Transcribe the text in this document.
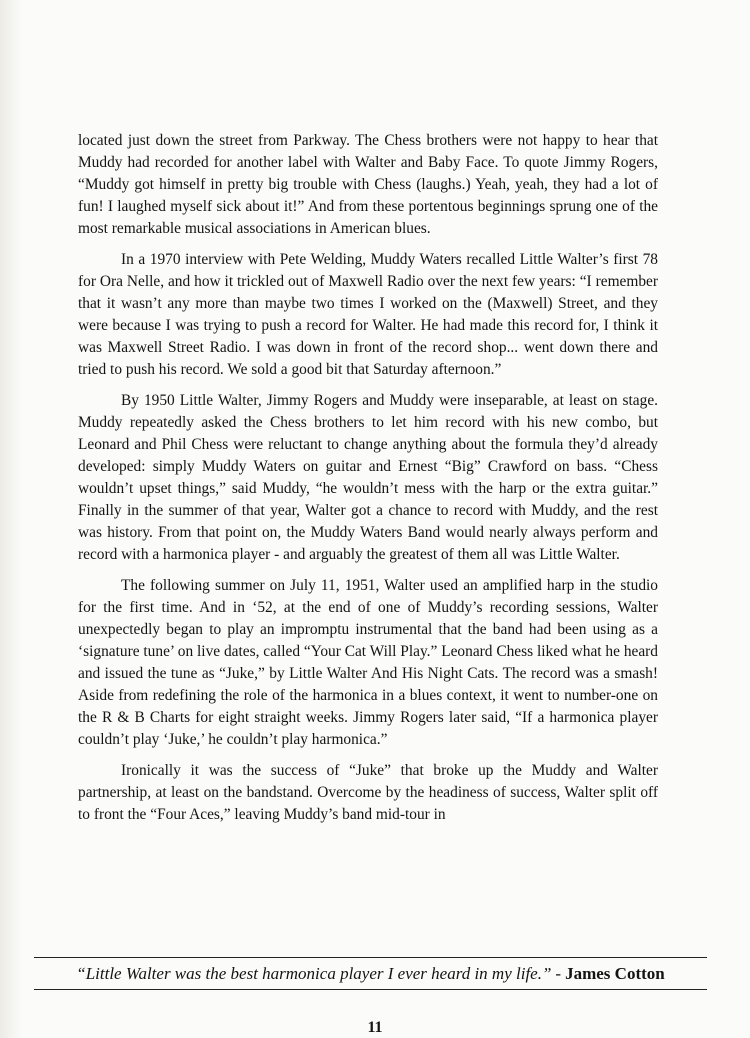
located just down the street from Parkway. The Chess brothers were not happy to hear that Muddy had recorded for another label with Walter and Baby Face. To quote Jimmy Rogers, “Muddy got himself in pretty big trouble with Chess (laughs.) Yeah, yeah, they had a lot of fun! I laughed myself sick about it!” And from these portentous beginnings sprung one of the most remarkable musical associations in American blues.

In a 1970 interview with Pete Welding, Muddy Waters recalled Little Walter’s first 78 for Ora Nelle, and how it trickled out of Maxwell Radio over the next few years: “I remember that it wasn’t any more than maybe two times I worked on the (Maxwell) Street, and they were because I was trying to push a record for Walter. He had made this record for, I think it was Maxwell Street Radio. I was down in front of the record shop... went down there and tried to push his record. We sold a good bit that Saturday afternoon.”

By 1950 Little Walter, Jimmy Rogers and Muddy were inseparable, at least on stage. Muddy repeatedly asked the Chess brothers to let him record with his new combo, but Leonard and Phil Chess were reluctant to change anything about the formula they’d already developed: simply Muddy Waters on guitar and Ernest “Big” Crawford on bass. “Chess wouldn’t upset things,” said Muddy, “he wouldn’t mess with the harp or the extra guitar.” Finally in the summer of that year, Walter got a chance to record with Muddy, and the rest was history. From that point on, the Muddy Waters Band would nearly always perform and record with a harmonica player - and arguably the greatest of them all was Little Walter.

The following summer on July 11, 1951, Walter used an amplified harp in the studio for the first time. And in ‘52, at the end of one of Muddy’s recording sessions, Walter unexpectedly began to play an impromptu instrumental that the band had been using as a ‘signature tune’ on live dates, called “Your Cat Will Play.” Leonard Chess liked what he heard and issued the tune as “Juke,” by Little Walter And His Night Cats. The record was a smash! Aside from redefining the role of the harmonica in a blues context, it went to number-one on the R & B Charts for eight straight weeks. Jimmy Rogers later said, “If a harmonica player couldn’t play ‘Juke,’ he couldn’t play harmonica.”

Ironically it was the success of “Juke” that broke up the Muddy and Walter partnership, at least on the bandstand. Overcome by the headiness of success, Walter split off to front the “Four Aces,” leaving Muddy’s band mid-tour in

“Little Walter was the best harmonica player I ever heard in my life.” - James Cotton
11
